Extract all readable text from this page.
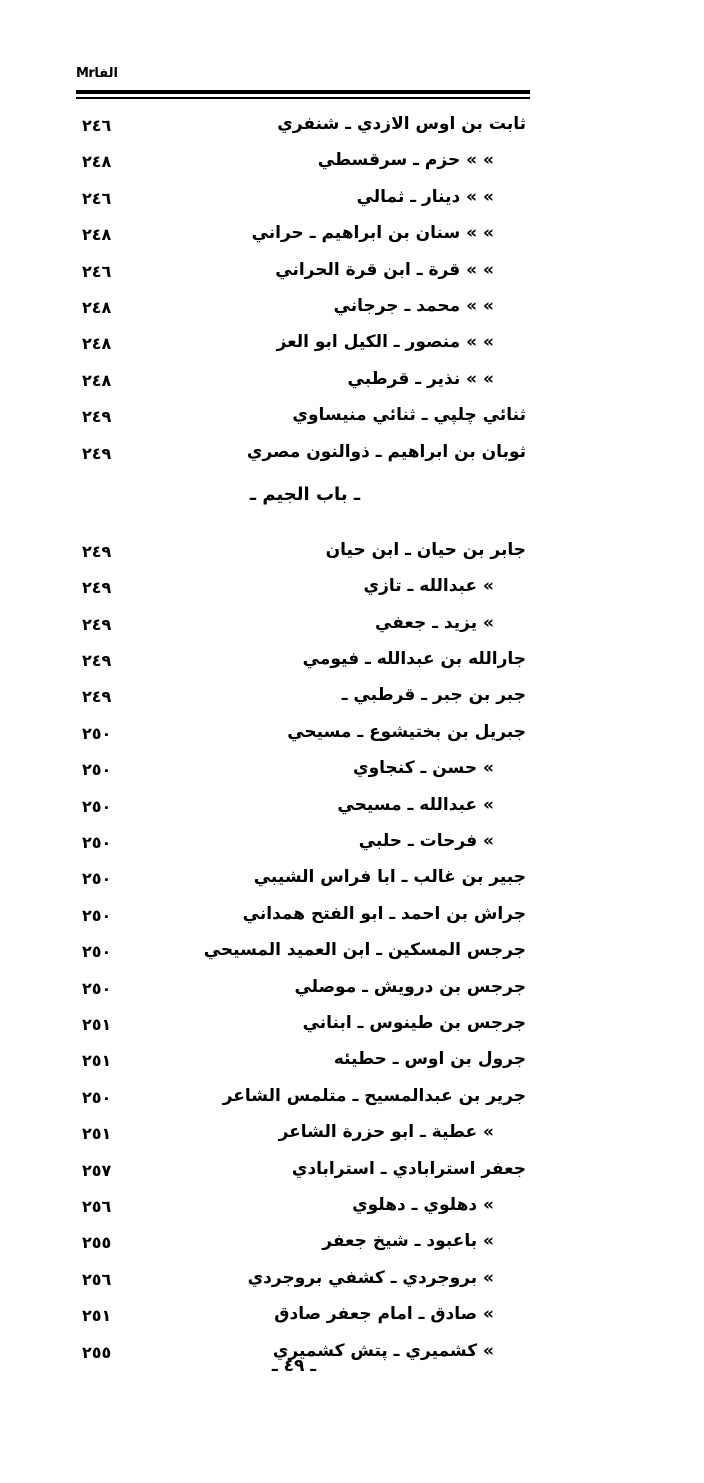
Mrالفا
ثابت بن اوس الازدي ـ شنفري
٢٤٦
» » حزم ـ سرقسطي
٢٤٨
» » دينار ـ ثمالي
٢٤٦
» » سنان بن ابراهيم ـ حراني
٢٤٨
» » قرة ـ ابن قرة الحراني
٢٤٦
» » محمد ـ جرجاني
٢٤٨
» » منصور ـ الكيل ابو العز
٢٤٨
» » نذير ـ قرطبي
٢٤٨
ثنائي چلپي ـ ثنائي منيساوي
٢٤٩
ثوبان بن ابراهيم ـ ذوالنون مصري
٢٤٩
ـ باب الجيم ـ
جابر بن حيان ـ ابن حيان
٢٤٩
» عبدالله ـ تازي
٢٤٩
» يزيد ـ جعفي
٢٤٩
جارالله بن عبدالله ـ فيومي
٢٤٩
جبر بن جبر ـ قرطبي ـ
٢٤٩
جبريل بن بختيشوع ـ مسيحي
٢٥٠
» حسن ـ كنجاوي
٢٥٠
» عبدالله ـ مسيحي
٢٥٠
» فرحات ـ حلبي
٢٥٠
جبير بن غالب ـ ابا فراس الشيبي
٢٥٠
جراش بن احمد ـ ابو الفتح همداني
٢٥٠
جرجس المسكين ـ ابن العميد المسيحي
٢٥٠
جرجس بن درويش ـ موصلي
٢٥٠
جرجس بن طينوس ـ ابناني
٢٥١
جرول بن اوس ـ حطيئه
٢٥١
جرير بن عبدالمسيح ـ متلمس الشاعر
٢٥٠
» عطية ـ ابو حزرة الشاعر
٢٥١
جعفر استرابادي ـ استرابادي
٢٥٧
» دهلوي ـ دهلوي
٢٥٦
» باعبود ـ شيخ جعفر
٢٥٥
» بروجردي ـ كشفي بروجردي
٢٥٦
» صادق ـ امام جعفر صادق
٢٥١
» كشميري ـ پتش كشميري
٢٥٥
ـ ٤٩ ـ
